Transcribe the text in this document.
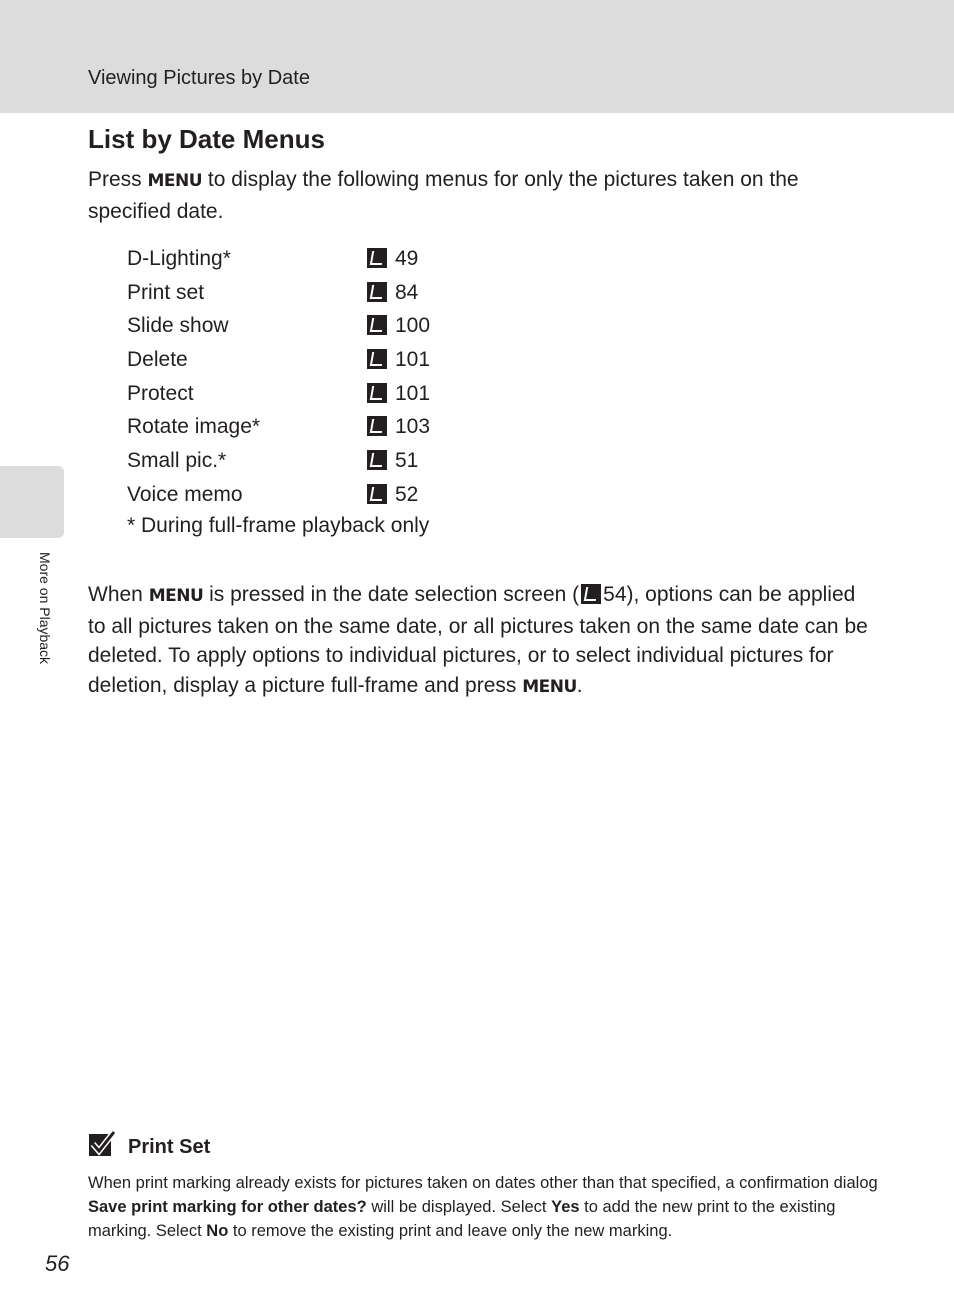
Viewing Pictures by Date
More on Playback
List by Date Menus

Press MENU to display the following menus for only the pictures taken on the specified date.

D-Lighting*	49
Print set	84
Slide show	100
Delete	101
Protect	101
Rotate image*	103
Small pic.*	51
Voice memo	52
* During full-frame playback only

When MENU is pressed in the date selection screen ( 54), options can be applied to all pictures taken on the same date, or all pictures taken on the same date can be deleted. To apply options to individual pictures, or to select individual pictures for deletion, display a picture full-frame and press MENU.

Print Set

When print marking already exists for pictures taken on dates other than that specified, a confirmation dialog Save print marking for other dates? will be displayed. Select Yes to add the new print to the existing marking. Select No to remove the existing print and leave only the new marking.

56
